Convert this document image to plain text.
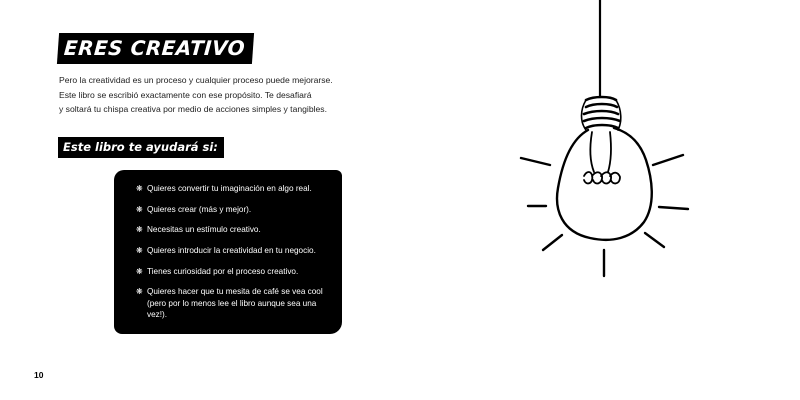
ERES CREATIVO
Pero la creatividad es un proceso y cualquier proceso puede mejorarse.
Este libro se escribió exactamente con ese propósito. Te desafiará
y soltará tu chispa creativa por medio de acciones simples y tangibles.
Este libro te ayudará si:
❋ Quieres convertir tu imaginación en algo real.
❋ Quieres crear (más y mejor).
❋ Necesitas un estímulo creativo.
❋ Quieres introducir la creatividad en tu negocio.
❋ Tienes curiosidad por el proceso creativo.
❋ Quieres hacer que tu mesita de café se vea cool (pero por lo menos lee el libro aunque sea una vez!).
10
